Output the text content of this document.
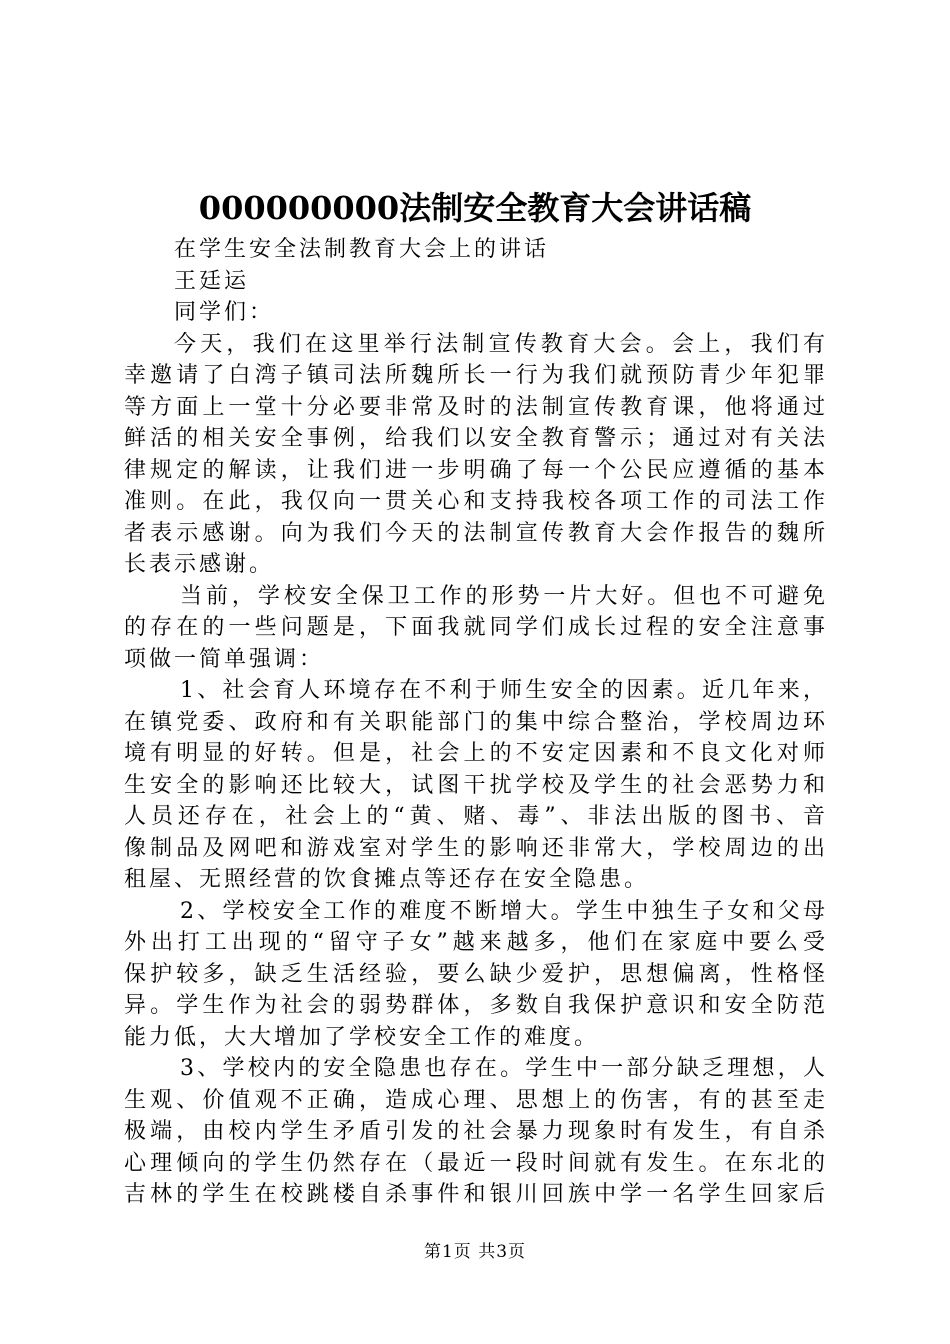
000000000法制安全教育大会讲话稿
在学生安全法制教育大会上的讲话
王廷运
同学们：
今天，我们在这里举行法制宣传教育大会。会上，我们有
幸邀请了白湾子镇司法所魏所长一行为我们就预防青少年犯罪
等方面上一堂十分必要非常及时的法制宣传教育课，他将通过
鲜活的相关安全事例，给我们以安全教育警示；通过对有关法
律规定的解读，让我们进一步明确了每一个公民应遵循的基本
准则。在此，我仅向一贯关心和支持我校各项工作的司法工作
者表示感谢。向为我们今天的法制宣传教育大会作报告的魏所
长表示感谢。
当前，学校安全保卫工作的形势一片大好。但也不可避免
的存在的一些问题是，下面我就同学们成长过程的安全注意事
项做一简单强调：
1、社会育人环境存在不利于师生安全的因素。近几年来，
在镇党委、政府和有关职能部门的集中综合整治，学校周边环
境有明显的好转。但是，社会上的不安定因素和不良文化对师
生安全的影响还比较大，试图干扰学校及学生的社会恶势力和
人员还存在，社会上的“黄、赌、毒”、非法出版的图书、音
像制品及网吧和游戏室对学生的影响还非常大，学校周边的出
租屋、无照经营的饮食摊点等还存在安全隐患。
2、学校安全工作的难度不断增大。学生中独生子女和父母
外出打工出现的“留守子女”越来越多，他们在家庭中要么受
保护较多，缺乏生活经验，要么缺少爱护，思想偏离，性格怪
异。学生作为社会的弱势群体，多数自我保护意识和安全防范
能力低，大大增加了学校安全工作的难度。
3、学校内的安全隐患也存在。学生中一部分缺乏理想，人
生观、价值观不正确，造成心理、思想上的伤害，有的甚至走
极端，由校内学生矛盾引发的社会暴力现象时有发生，有自杀
心理倾向的学生仍然存在（最近一段时间就有发生。在东北的
吉林的学生在校跳楼自杀事件和银川回族中学一名学生回家后
第1页 共3页
